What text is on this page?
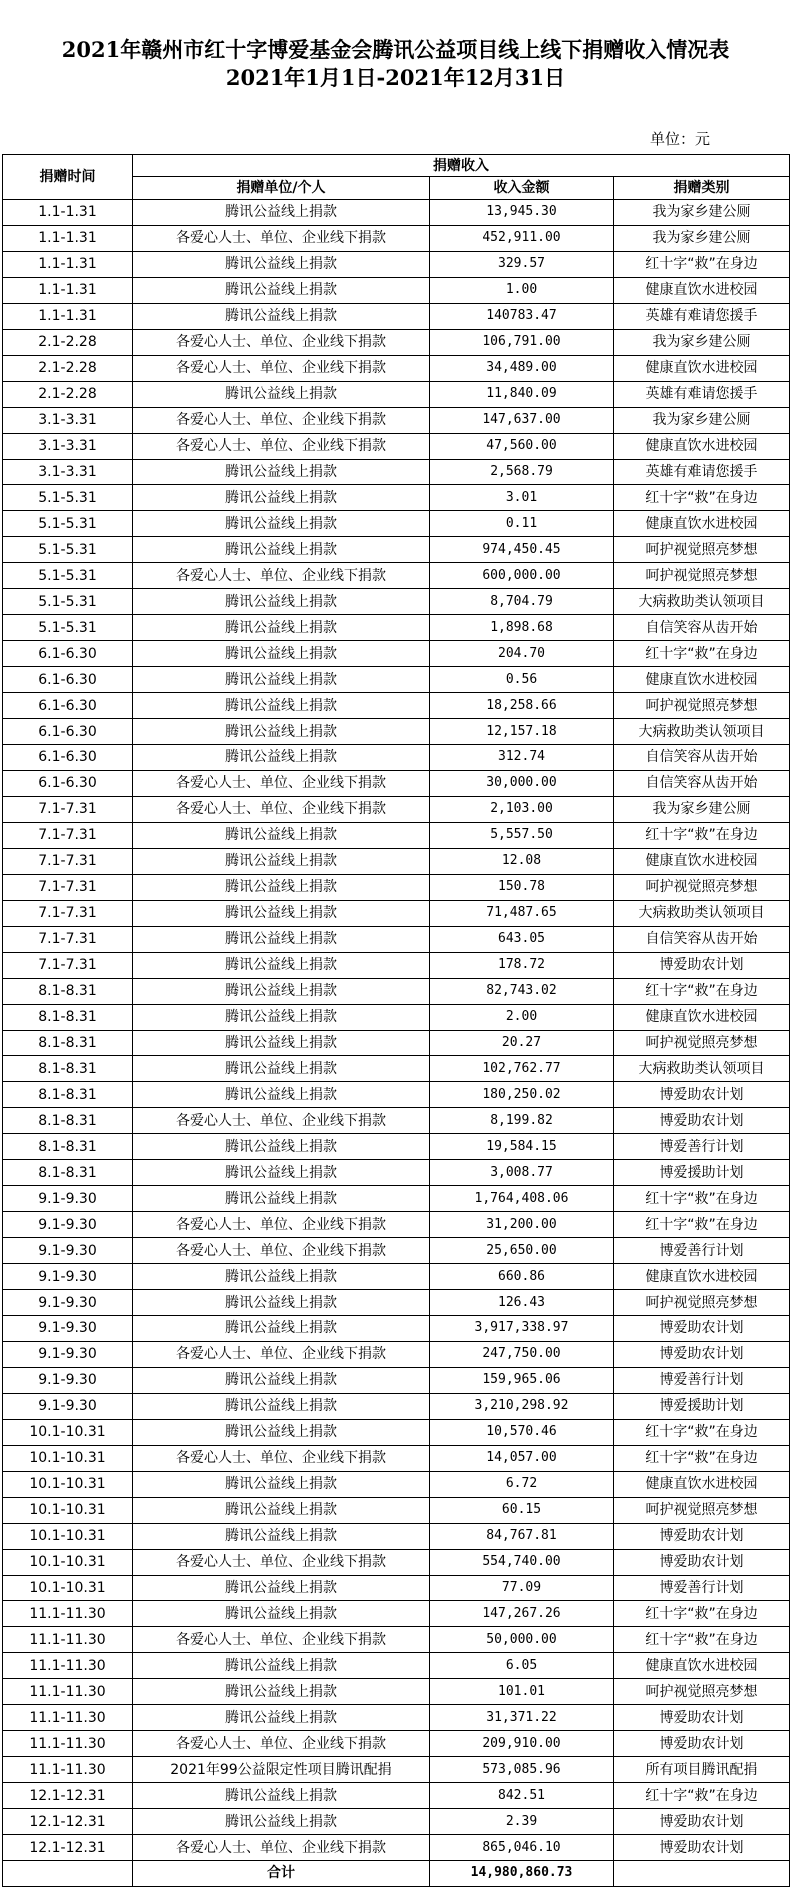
2021年赣州市红十字博爱基金会腾讯公益项目线上线下捐赠收入情况表
2021年1月1日-2021年12月31日
单位：元
捐赠时间	捐赠收入		
	捐赠单位/个人	收入金额	捐赠类别
1.1-1.31	腾讯公益线上捐款	13,945.30	我为家乡建公厕
1.1-1.31	各爱心人士、单位、企业线下捐款	452,911.00	我为家乡建公厕
1.1-1.31	腾讯公益线上捐款	329.57	红十字“救”在身边
1.1-1.31	腾讯公益线上捐款	1.00	健康直饮水进校园
1.1-1.31	腾讯公益线上捐款	140783.47	英雄有难请您援手
2.1-2.28	各爱心人士、单位、企业线下捐款	106,791.00	我为家乡建公厕
2.1-2.28	各爱心人士、单位、企业线下捐款	34,489.00	健康直饮水进校园
2.1-2.28	腾讯公益线上捐款	11,840.09	英雄有难请您援手
3.1-3.31	各爱心人士、单位、企业线下捐款	147,637.00	我为家乡建公厕
3.1-3.31	各爱心人士、单位、企业线下捐款	47,560.00	健康直饮水进校园
3.1-3.31	腾讯公益线上捐款	2,568.79	英雄有难请您援手
5.1-5.31	腾讯公益线上捐款	3.01	红十字“救”在身边
5.1-5.31	腾讯公益线上捐款	0.11	健康直饮水进校园
5.1-5.31	腾讯公益线上捐款	974,450.45	呵护视觉照亮梦想
5.1-5.31	各爱心人士、单位、企业线下捐款	600,000.00	呵护视觉照亮梦想
5.1-5.31	腾讯公益线上捐款	8,704.79	大病救助类认领项目
5.1-5.31	腾讯公益线上捐款	1,898.68	自信笑容从齿开始
6.1-6.30	腾讯公益线上捐款	204.70	红十字“救”在身边
6.1-6.30	腾讯公益线上捐款	0.56	健康直饮水进校园
6.1-6.30	腾讯公益线上捐款	18,258.66	呵护视觉照亮梦想
6.1-6.30	腾讯公益线上捐款	12,157.18	大病救助类认领项目
6.1-6.30	腾讯公益线上捐款	312.74	自信笑容从齿开始
6.1-6.30	各爱心人士、单位、企业线下捐款	30,000.00	自信笑容从齿开始
7.1-7.31	各爱心人士、单位、企业线下捐款	2,103.00	我为家乡建公厕
7.1-7.31	腾讯公益线上捐款	5,557.50	红十字“救”在身边
7.1-7.31	腾讯公益线上捐款	12.08	健康直饮水进校园
7.1-7.31	腾讯公益线上捐款	150.78	呵护视觉照亮梦想
7.1-7.31	腾讯公益线上捐款	71,487.65	大病救助类认领项目
7.1-7.31	腾讯公益线上捐款	643.05	自信笑容从齿开始
7.1-7.31	腾讯公益线上捐款	178.72	博爱助农计划
8.1-8.31	腾讯公益线上捐款	82,743.02	红十字“救”在身边
8.1-8.31	腾讯公益线上捐款	2.00	健康直饮水进校园
8.1-8.31	腾讯公益线上捐款	20.27	呵护视觉照亮梦想
8.1-8.31	腾讯公益线上捐款	102,762.77	大病救助类认领项目
8.1-8.31	腾讯公益线上捐款	180,250.02	博爱助农计划
8.1-8.31	各爱心人士、单位、企业线下捐款	8,199.82	博爱助农计划
8.1-8.31	腾讯公益线上捐款	19,584.15	博爱善行计划
8.1-8.31	腾讯公益线上捐款	3,008.77	博爱援助计划
9.1-9.30	腾讯公益线上捐款	1,764,408.06	红十字“救”在身边
9.1-9.30	各爱心人士、单位、企业线下捐款	31,200.00	红十字“救”在身边
9.1-9.30	各爱心人士、单位、企业线下捐款	25,650.00	博爱善行计划
9.1-9.30	腾讯公益线上捐款	660.86	健康直饮水进校园
9.1-9.30	腾讯公益线上捐款	126.43	呵护视觉照亮梦想
9.1-9.30	腾讯公益线上捐款	3,917,338.97	博爱助农计划
9.1-9.30	各爱心人士、单位、企业线下捐款	247,750.00	博爱助农计划
9.1-9.30	腾讯公益线上捐款	159,965.06	博爱善行计划
9.1-9.30	腾讯公益线上捐款	3,210,298.92	博爱援助计划
10.1-10.31	腾讯公益线上捐款	10,570.46	红十字“救”在身边
10.1-10.31	各爱心人士、单位、企业线下捐款	14,057.00	红十字“救”在身边
10.1-10.31	腾讯公益线上捐款	6.72	健康直饮水进校园
10.1-10.31	腾讯公益线上捐款	60.15	呵护视觉照亮梦想
10.1-10.31	腾讯公益线上捐款	84,767.81	博爱助农计划
10.1-10.31	各爱心人士、单位、企业线下捐款	554,740.00	博爱助农计划
10.1-10.31	腾讯公益线上捐款	77.09	博爱善行计划
11.1-11.30	腾讯公益线上捐款	147,267.26	红十字“救”在身边
11.1-11.30	各爱心人士、单位、企业线下捐款	50,000.00	红十字“救”在身边
11.1-11.30	腾讯公益线上捐款	6.05	健康直饮水进校园
11.1-11.30	腾讯公益线上捐款	101.01	呵护视觉照亮梦想
11.1-11.30	腾讯公益线上捐款	31,371.22	博爱助农计划
11.1-11.30	各爱心人士、单位、企业线下捐款	209,910.00	博爱助农计划
11.1-11.30	2021年99公益限定性项目腾讯配捐	573,085.96	所有项目腾讯配捐
12.1-12.31	腾讯公益线上捐款	842.51	红十字“救”在身边
12.1-12.31	腾讯公益线上捐款	2.39	博爱助农计划
12.1-12.31	各爱心人士、单位、企业线下捐款	865,046.10	博爱助农计划
	合计	14,980,860.73	
